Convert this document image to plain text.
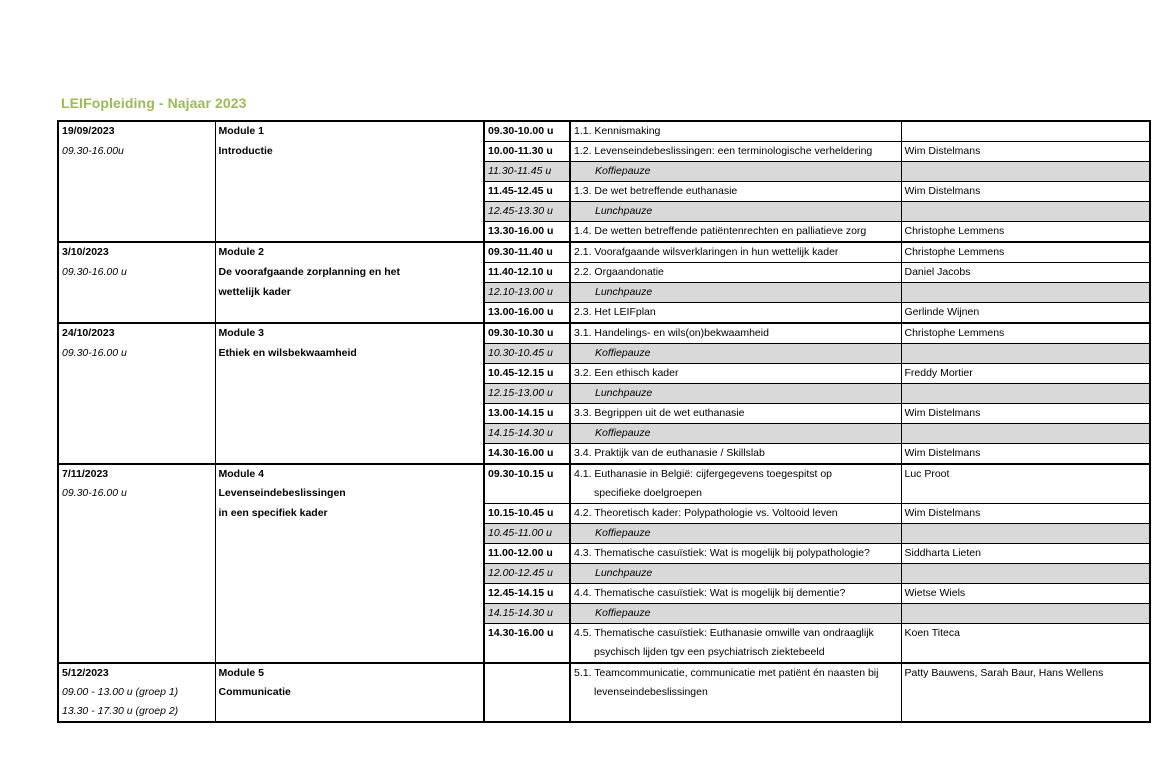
LEIFopleiding - Najaar 2023
19/09/2023	Module 1	09.30-10.00 u	1.1. Kennismaking	
09.30-16.00u	Introductie	10.00-11.30 u	1.2. Levenseindebeslissingen: een terminologische verheldering	Wim Distelmans
		11.30-11.45 u	Koffiepauze	
		11.45-12.45 u	1.3. De wet betreffende euthanasie	Wim Distelmans
		12.45-13.30 u	Lunchpauze	
		13.30-16.00 u	1.4. De wetten betreffende patiëntenrechten en palliatieve zorg	Christophe Lemmens
3/10/2023	Module 2	09.30-11.40 u	2.1. Voorafgaande wilsverklaringen in hun wettelijk kader	Christophe Lemmens
09.30-16.00 u	De voorafgaande zorplanning en het	11.40-12.10 u	2.2. Orgaandonatie	Daniel Jacobs
	wettelijk kader	12.10-13.00 u	Lunchpauze	
		13.00-16.00 u	2.3. Het LEIFplan	Gerlinde Wijnen
24/10/2023	Module 3	09.30-10.30 u	3.1. Handelings- en wils(on)bekwaamheid	Christophe Lemmens
09.30-16.00 u	Ethiek en wilsbekwaamheid	10.30-10.45 u	Koffiepauze	
		10.45-12.15 u	3.2. Een ethisch kader	Freddy Mortier
		12.15-13.00 u	Lunchpauze	
		13.00-14.15 u	3.3. Begrippen uit de wet euthanasie	Wim Distelmans
		14.15-14.30 u	Koffiepauze	
		14.30-16.00 u	3.4. Praktijk van de euthanasie / Skillslab	Wim Distelmans
7/11/2023	Module 4	09.30-10.15 u	4.1. Euthanasie in België: cijfergegevens toegespitst op	Luc Proot
09.30-16.00 u	Levenseindebeslissingen		specifieke doelgroepen	
	in een specifiek kader	10.15-10.45 u	4.2. Theoretisch kader: Polypathologie vs. Voltooid leven	Wim Distelmans
		10.45-11.00 u	Koffiepauze	
		11.00-12.00 u	4.3. Thematische casuïstiek: Wat is mogelijk bij polypathologie?	Siddharta Lieten
		12.00-12.45 u	Lunchpauze	
		12.45-14.15 u	4.4. Thematische casuïstiek: Wat is mogelijk bij dementie?	Wietse Wiels
		14.15-14.30 u	Koffiepauze	
		14.30-16.00 u	4.5. Thematische casuïstiek: Euthanasie omwille van ondraaglijk	Koen Titeca
			psychisch lijden tgv een psychiatrisch ziektebeeld	
5/12/2023	Module 5		5.1. Teamcommunicatie, communicatie met patiënt én naasten bij	Patty Bauwens, Sarah Baur, Hans Wellens
09.00 - 13.00 u (groep 1)	Communicatie		levenseindebeslissingen	
13.30 - 17.30 u (groep 2)				
